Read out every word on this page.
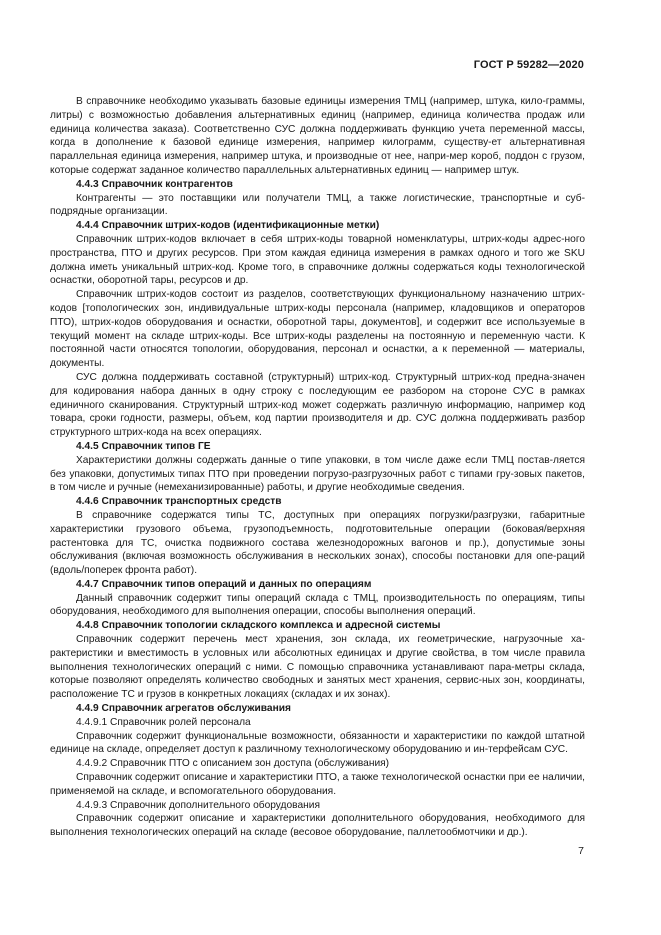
ГОСТ Р 59282—2020

В справочнике необходимо указывать базовые единицы измерения ТМЦ (например, штука, кило-граммы, литры) с возможностью добавления альтернативных единиц (например, единица количества продаж или единица количества заказа). Соответственно СУС должна поддерживать функцию учета переменной массы, когда в дополнение к базовой единице измерения, например килограмм, существу-ет альтернативная параллельная единица измерения, например штука, и производные от нее, напри-мер короб, поддон с грузом, которые содержат заданное количество параллельных альтернативных единиц — например штук.

4.4.3 Справочник контрагентов

Контрагенты — это поставщики или получатели ТМЦ, а также логистические, транспортные и суб-подрядные организации.

4.4.4 Справочник штрих-кодов (идентификационные метки)

Справочник штрих-кодов включает в себя штрих-коды товарной номенклатуры, штрих-коды адрес-ного пространства, ПТО и других ресурсов. При этом каждая единица измерения в рамках одного и того же SKU должна иметь уникальный штрих-код. Кроме того, в справочнике должны содержаться коды технологической оснастки, оборотной тары, ресурсов и др.

Справочник штрих-кодов состоит из разделов, соответствующих функциональному назначению штрих-кодов [топологических зон, индивидуальные штрих-коды персонала (например, кладовщиков и операторов ПТО), штрих-кодов оборудования и оснастки, оборотной тары, документов], и содержит все используемые в текущий момент на складе штрих-коды. Все штрих-коды разделены на постоянную и переменную части. К постоянной части относятся топологии, оборудования, персонал и оснастки, а к переменной — материалы, документы.

СУС должна поддерживать составной (структурный) штрих-код. Структурный штрих-код предна-значен для кодирования набора данных в одну строку с последующим ее разбором на стороне СУС в рамках единичного сканирования. Структурный штрих-код может содержать различную информацию, например код товара, сроки годности, размеры, объем, код партии производителя и др. СУС должна поддерживать разбор структурного штрих-кода на всех операциях.

4.4.5 Справочник типов ГЕ

Характеристики должны содержать данные о типе упаковки, в том числе даже если ТМЦ постав-ляется без упаковки, допустимых типах ПТО при проведении погрузо-разгрузочных работ с типами гру-зовых пакетов, в том числе и ручные (немеханизированные) работы, и другие необходимые сведения.

4.4.6 Справочник транспортных средств

В справочнике содержатся типы ТС, доступных при операциях погрузки/разгрузки, габаритные характеристики грузового объема, грузоподъемность, подготовительные операции (боковая/верхняя растентовка для ТС, очистка подвижного состава железнодорожных вагонов и пр.), допустимые зоны обслуживания (включая возможность обслуживания в нескольких зонах), способы постановки для опе-раций (вдоль/поперек фронта работ).

4.4.7 Справочник типов операций и данных по операциям

Данный справочник содержит типы операций склада с ТМЦ, производительность по операциям, типы оборудования, необходимого для выполнения операции, способы выполнения операций.

4.4.8 Справочник топологии складского комплекса и адресной системы

Справочник содержит перечень мест хранения, зон склада, их геометрические, нагрузочные ха-рактеристики и вместимость в условных или абсолютных единицах и другие свойства, в том числе правила выполнения технологических операций с ними. С помощью справочника устанавливают пара-метры склада, которые позволяют определять количество свободных и занятых мест хранения, сервис-ных зон, координаты, расположение ТС и грузов в конкретных локациях (складах и их зонах).

4.4.9 Справочник агрегатов обслуживания
4.4.9.1 Справочник ролей персонала

Справочник содержит функциональные возможности, обязанности и характеристики по каждой штатной единице на складе, определяет доступ к различному технологическому оборудованию и ин-терфейсам СУС.

4.4.9.2 Справочник ПТО с описанием зон доступа (обслуживания)

Справочник содержит описание и характеристики ПТО, а также технологической оснастки при ее наличии, применяемой на складе, и вспомогательного оборудования.

4.4.9.3 Справочник дополнительного оборудования

Справочник содержит описание и характеристики дополнительного оборудования, необходимого для выполнения технологических операций на складе (весовое оборудование, паллетообмотчики и др.).

7
